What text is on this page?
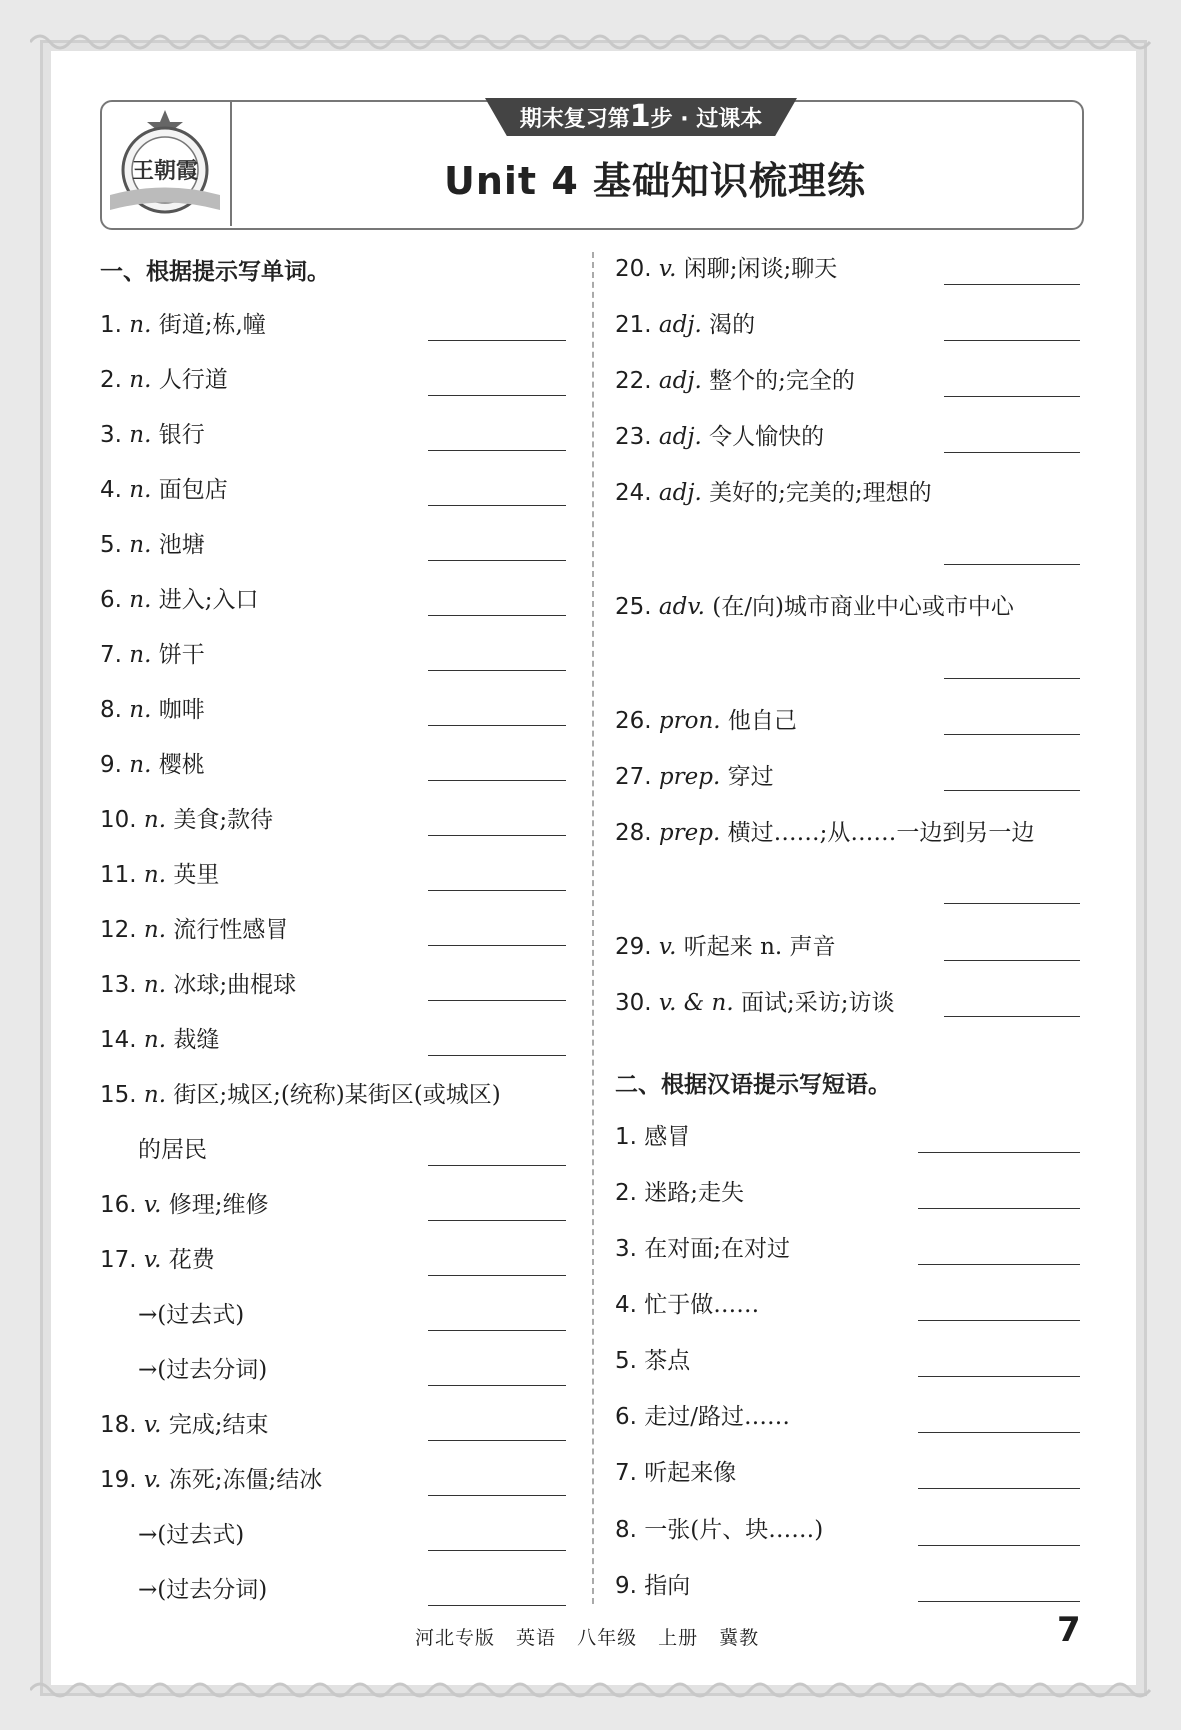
王朝霞
期末复习第1步 · 过课本
Unit 4 基础知识梳理练
一、根据提示写单词。
1. n. 街道;栋,幢
2. n. 人行道
3. n. 银行
4. n. 面包店
5. n. 池塘
6. n. 进入;入口
7. n. 饼干
8. n. 咖啡
9. n. 樱桃
10. n. 美食;款待
11. n. 英里
12. n. 流行性感冒
13. n. 冰球;曲棍球
14. n. 裁缝
15. n. 街区;城区;(统称)某街区(或城区)
的居民
16. v. 修理;维修
17. v. 花费
→(过去式)
→(过去分词)
18. v. 完成;结束
19. v. 冻死;冻僵;结冰
→(过去式)
→(过去分词)
20. v. 闲聊;闲谈;聊天
21. adj. 渴的
22. adj. 整个的;完全的
23. adj. 令人愉快的
24. adj. 美好的;完美的;理想的
25. adv. (在/向)城市商业中心或市中心
26. pron. 他自己
27. prep. 穿过
28. prep. 横过……;从……一边到另一边
29. v. 听起来 n. 声音
30. v. & n. 面试;采访;访谈
二、根据汉语提示写短语。
1. 感冒
2. 迷路;走失
3. 在对面;在对过
4. 忙于做……
5. 茶点
6. 走过/路过……
7. 听起来像
8. 一张(片、块……)
9. 指向
河北专版 英语 八年级 上册 冀教	7
